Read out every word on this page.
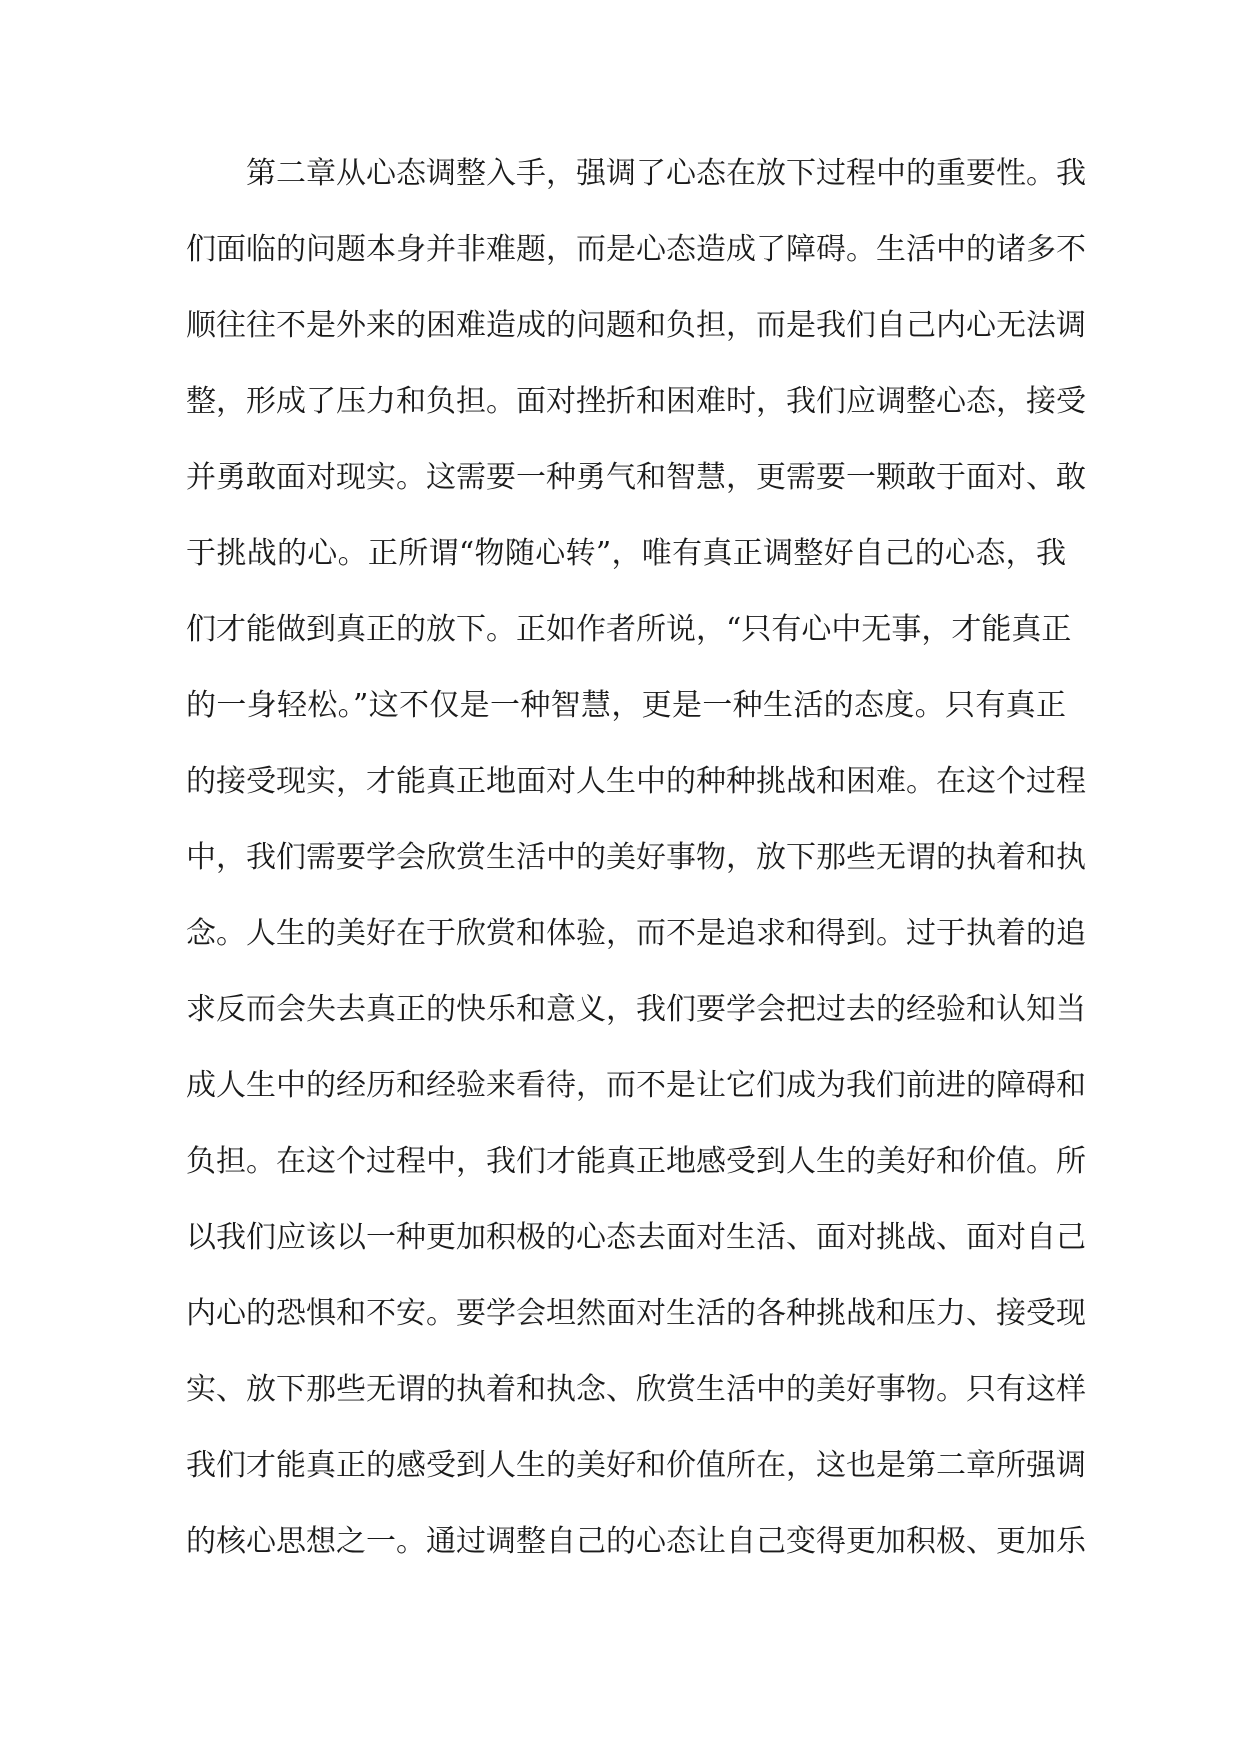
第二章从心态调整入手，强调了心态在放下过程中的重要性。我
们面临的问题本身并非难题，而是心态造成了障碍。生活中的诸多不
顺往往不是外来的困难造成的问题和负担，而是我们自己内心无法调
整，形成了压力和负担。面对挫折和困难时，我们应调整心态，接受
并勇敢面对现实。这需要一种勇气和智慧，更需要一颗敢于面对、敢
于挑战的心。正所谓“物随心转”，唯有真正调整好自己的心态，我
们才能做到真正的放下。正如作者所说，“只有心中无事，才能真正
的一身轻松。”这不仅是一种智慧，更是一种生活的态度。只有真正
的接受现实，才能真正地面对人生中的种种挑战和困难。在这个过程
中，我们需要学会欣赏生活中的美好事物，放下那些无谓的执着和执
念。人生的美好在于欣赏和体验，而不是追求和得到。过于执着的追
求反而会失去真正的快乐和意义，我们要学会把过去的经验和认知当
成人生中的经历和经验来看待，而不是让它们成为我们前进的障碍和
负担。在这个过程中，我们才能真正地感受到人生的美好和价值。所
以我们应该以一种更加积极的心态去面对生活、面对挑战、面对自己
内心的恐惧和不安。要学会坦然面对生活的各种挑战和压力、接受现
实、放下那些无谓的执着和执念、欣赏生活中的美好事物。只有这样
我们才能真正的感受到人生的美好和价值所在，这也是第二章所强调
的核心思想之一。通过调整自己的心态让自己变得更加积极、更加乐
